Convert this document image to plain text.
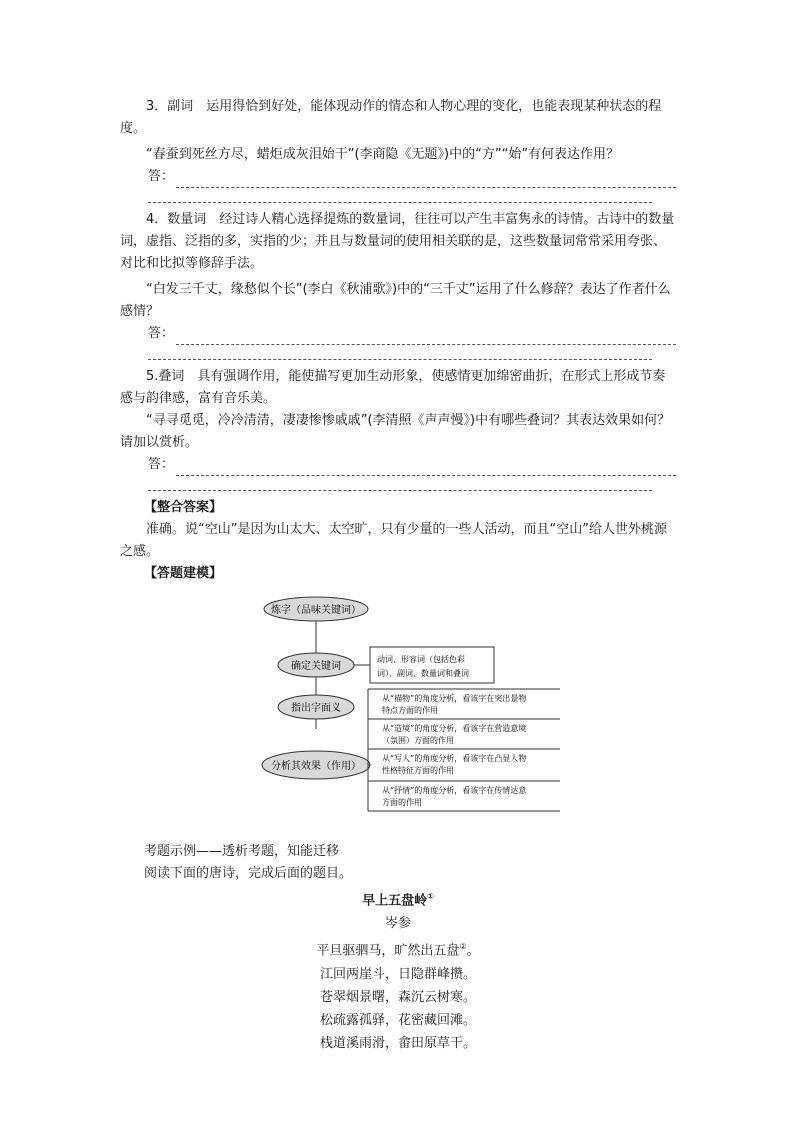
3．副词  运用得恰到好处，能体现动作的情态和人物心理的变化，也能表现某种状态的程度。

“春蚕到死丝方尽，蜡炬成灰泪始干”(李商隐《无题》)中的“方”“始”有何表达作用？

答：

4．数量词  经过诗人精心选择提炼的数量词，往往可以产生丰富隽永的诗情。古诗中的数量词，虚指、泛指的多，实指的少；并且与数量词的使用相关联的是，这些数量词常常采用夸张、对比和比拟等修辞手法。

“白发三千丈，缘愁似个长”(李白《秋浦歌》)中的“三千丈”运用了什么修辞？表达了作者什么感情？

答：

5.叠词  具有强调作用，能使描写更加生动形象，使感情更加绵密曲折，在形式上形成节奏感与韵律感，富有音乐美。

“寻寻觅觅，冷冷清清，凄凄惨惨戚戚”(李清照《声声慢》)中有哪些叠词？其表达效果如何？请加以赏析。

答：

【整合答案】

准确。说“空山”是因为山太大、太空旷，只有少量的一些人活动，而且“空山”给人世外桃源之感。

【答题建模】

炼字（品味关键词）
确定关键词
动词、形容词（包括色彩
词）、副词、数量词和叠词
指出字面义
分析其效果（作用）
从“描物”的角度分析，看该字在突出景物
特点方面的作用
从“造境”的角度分析，看该字在营造意境
（氛围）方面的作用
从“写人”的角度分析，看该字在凸显人物
性格特征方面的作用
从“抒情”的角度分析，看该字在传情达意
方面的作用

考题示例——透析考题，知能迁移

阅读下面的唐诗，完成后面的题目。

早上五盘岭①

岑参

平旦驱驷马，旷然出五盘②。

江回两崖斗，日隐群峰攒。

苍翠烟景曙，森沉云树寒。

松疏露孤驿，花密藏回滩。

栈道溪雨滑，畲田原草干。
